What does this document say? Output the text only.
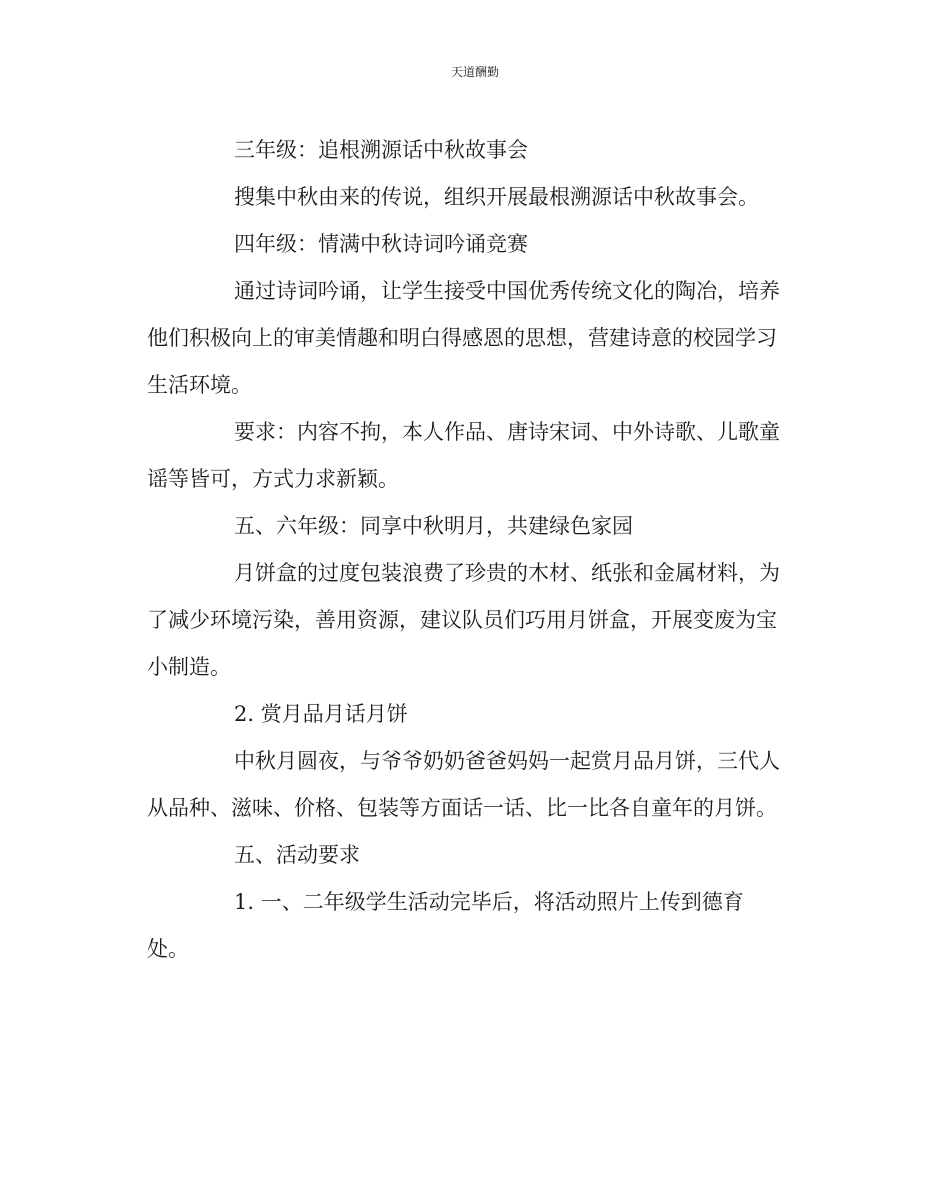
天道酬勤
三年级：追根溯源话中秋故事会
搜集中秋由来的传说，组织开展最根溯源话中秋故事会。
四年级：情满中秋诗词吟诵竞赛
通过诗词吟诵，让学生接受中国优秀传统文化的陶冶，培养
他们积极向上的审美情趣和明白得感恩的思想，营建诗意的校园学习
生活环境。
要求：内容不拘，本人作品、唐诗宋词、中外诗歌、儿歌童
谣等皆可，方式力求新颖。
五、六年级：同享中秋明月，共建绿色家园
月饼盒的过度包装浪费了珍贵的木材、纸张和金属材料，为
了减少环境污染，善用资源，建议队员们巧用月饼盒，开展变废为宝
小制造。
2. 赏月品月话月饼
中秋月圆夜，与爷爷奶奶爸爸妈妈一起赏月品月饼，三代人
从品种、滋味、价格、包装等方面话一话、比一比各自童年的月饼。
五、活动要求
1. 一、二年级学生活动完毕后，将活动照片上传到德育
处。
